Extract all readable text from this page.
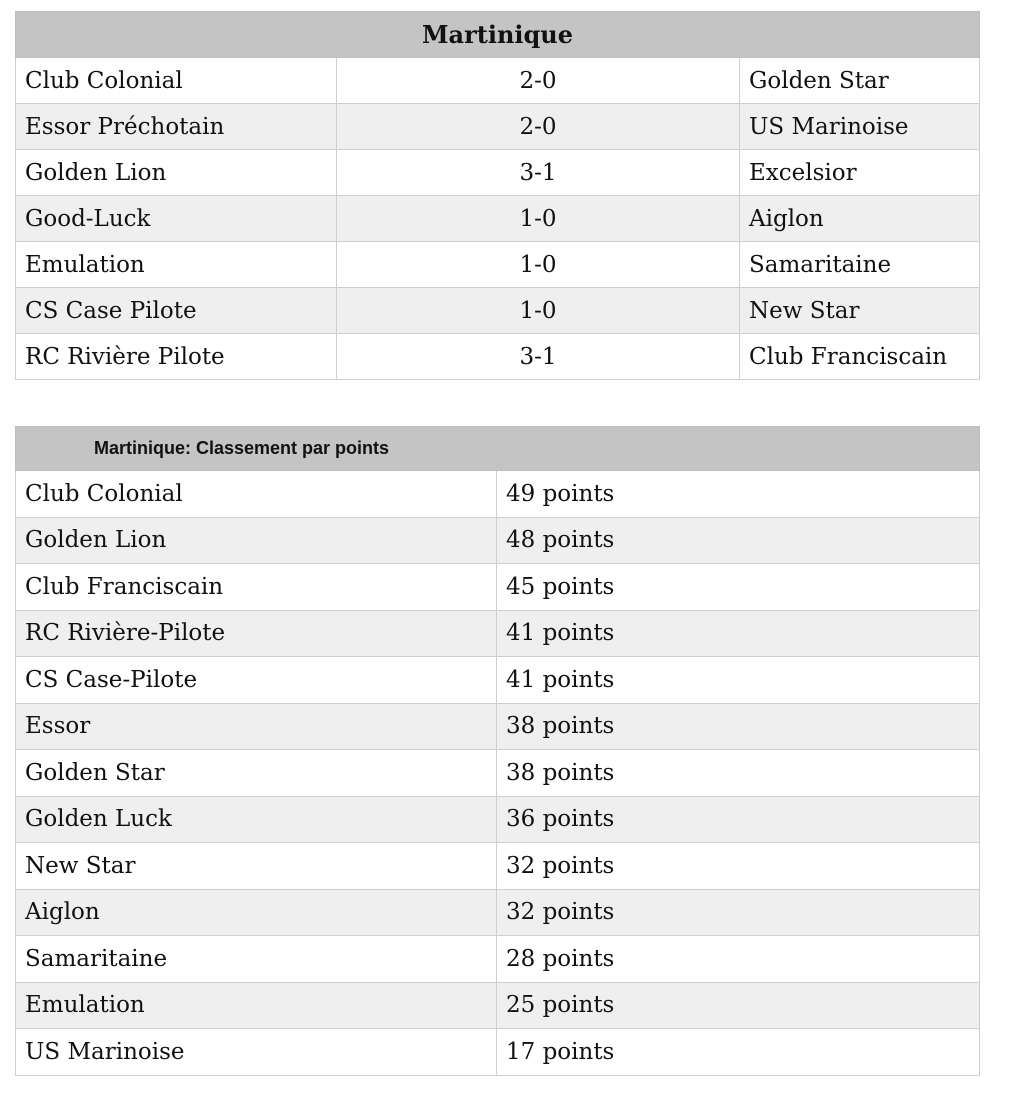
Martinique		
Club Colonial	2-0	Golden Star
Essor Préchotain	2-0	US Marinoise
Golden Lion	3-1	Excelsior
Good-Luck	1-0	Aiglon
Emulation	1-0	Samaritaine
CS Case Pilote	1-0	New Star
RC Rivière Pilote	3-1	Club Franciscain
Martinique: Classement par points	
Club Colonial	49 points
Golden Lion	48 points
Club Franciscain	45 points
RC Rivière-Pilote	41 points
CS Case-Pilote	41 points
Essor	38 points
Golden Star	38 points
Golden Luck	36 points
New Star	32 points
Aiglon	32 points
Samaritaine	28 points
Emulation	25 points
US Marinoise	17 points
